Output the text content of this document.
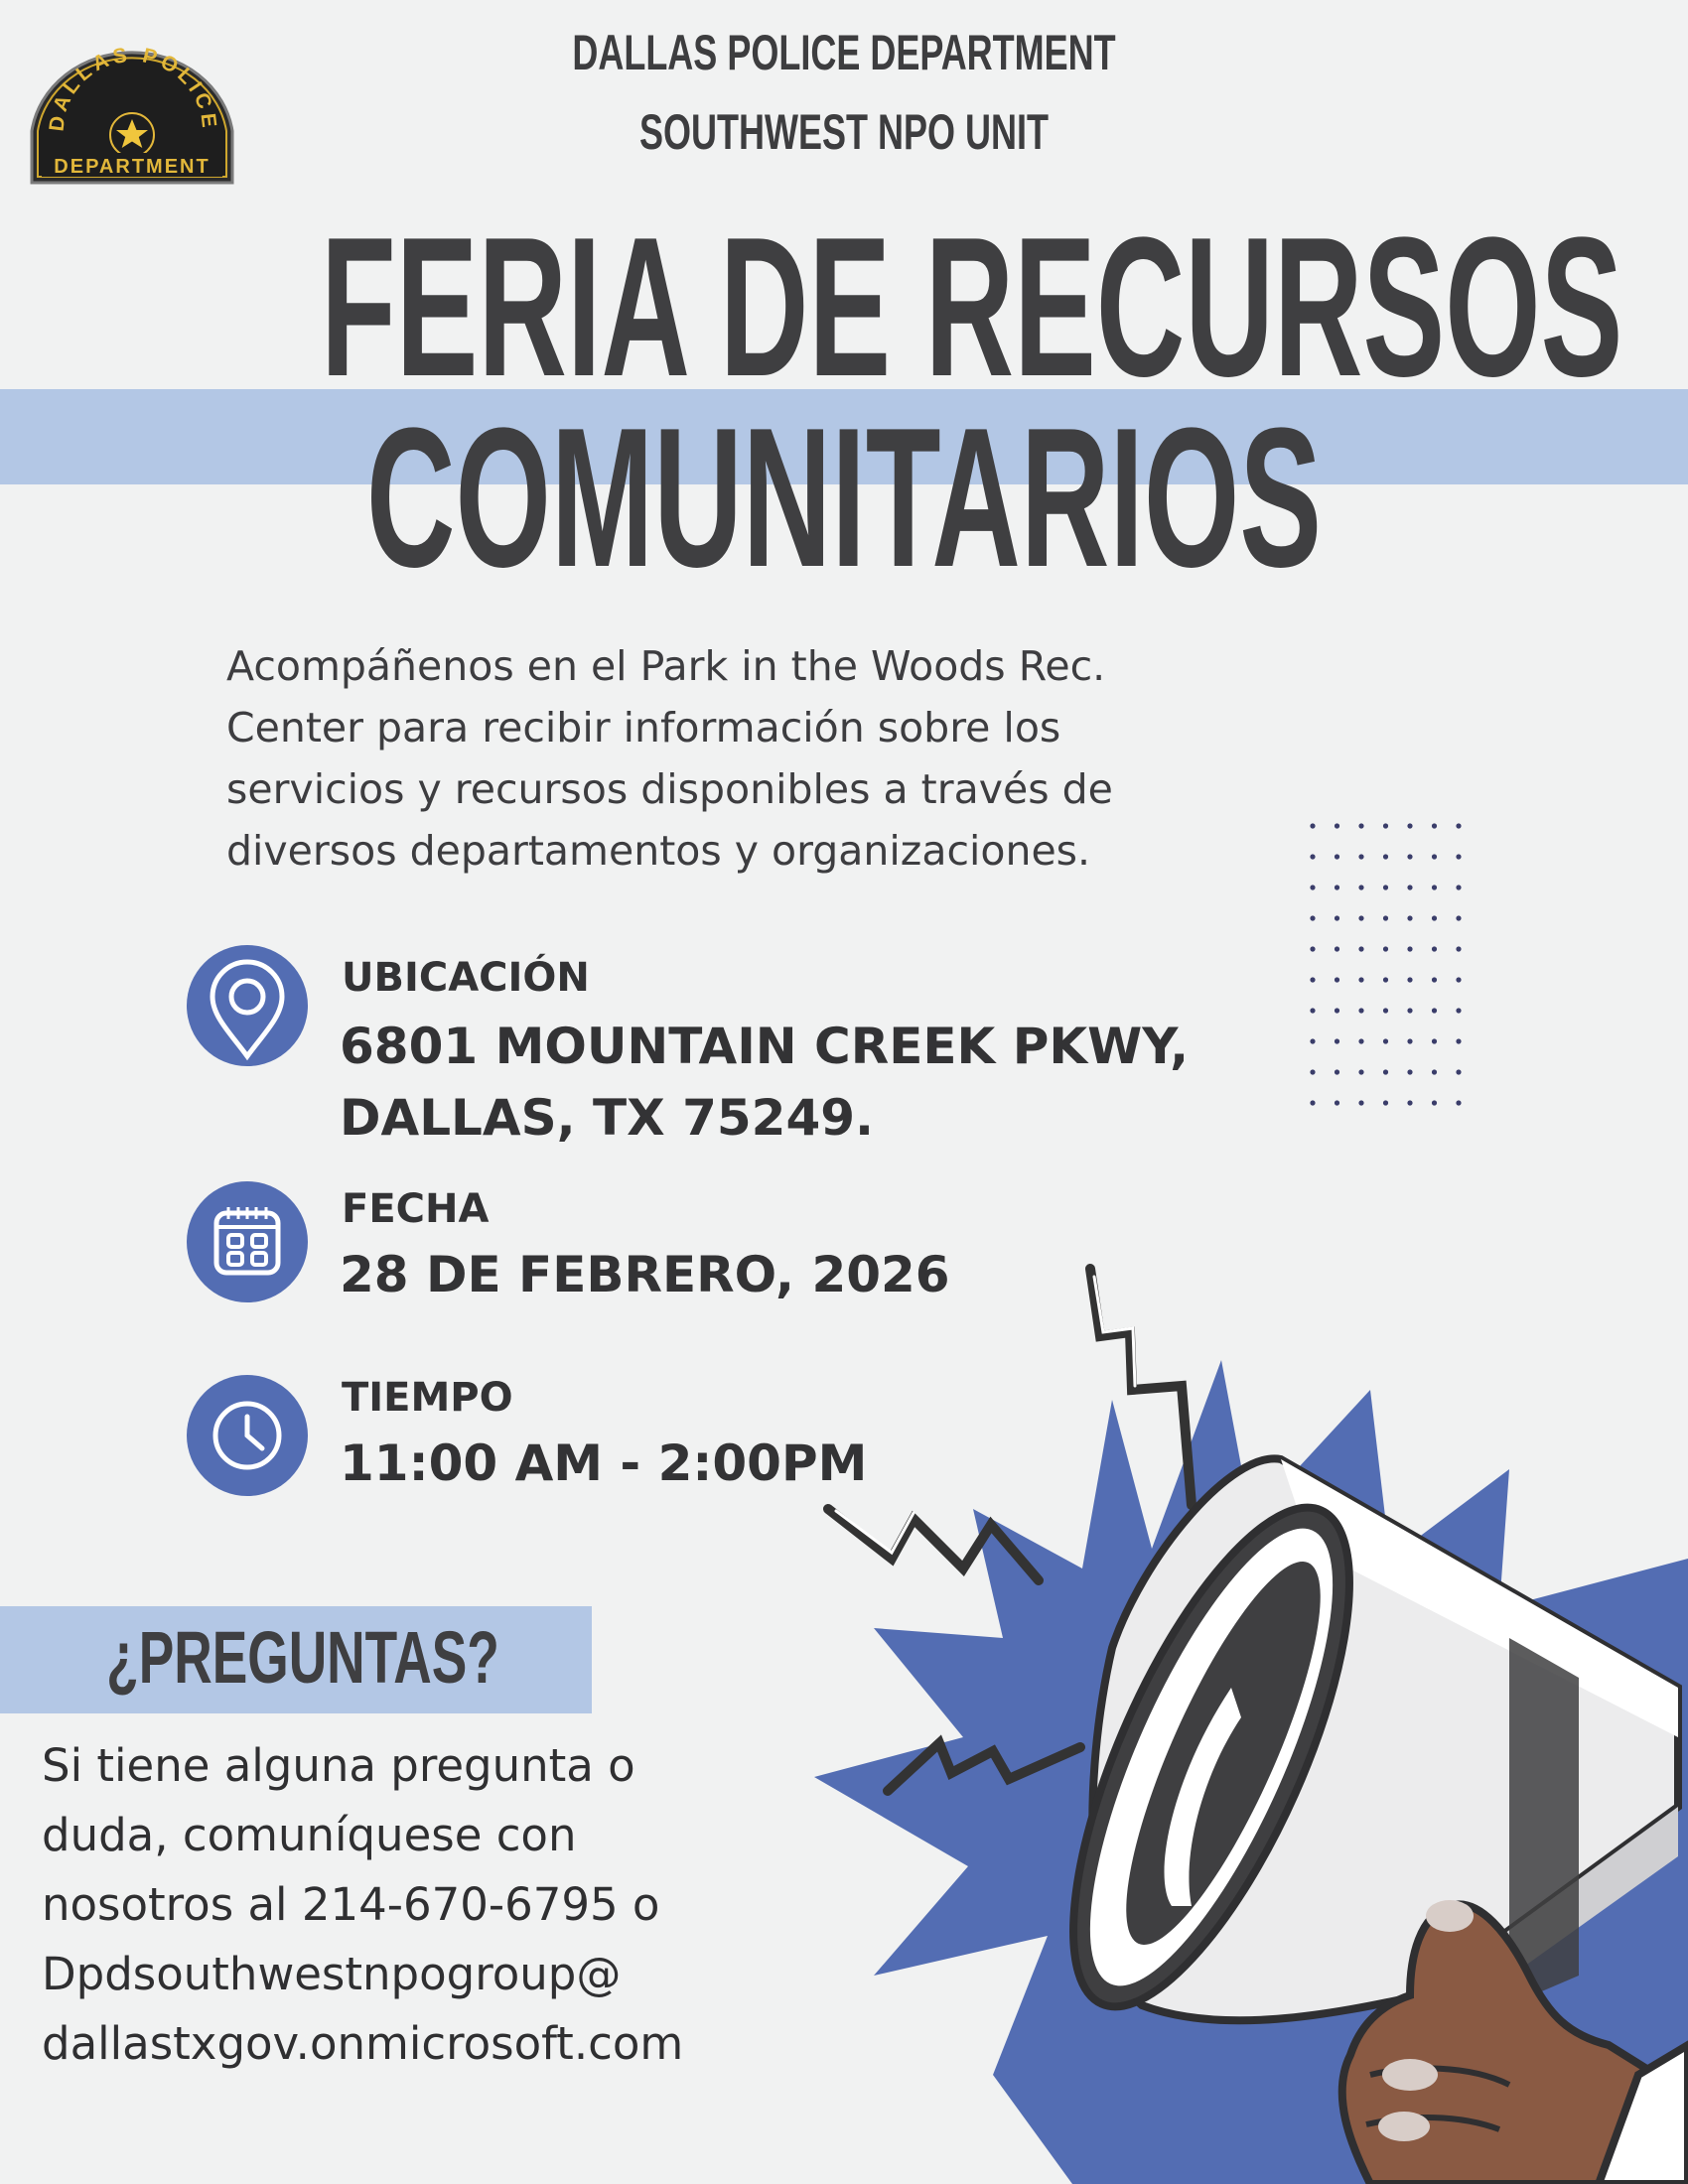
DALLAS POLICE
DEPARTMENT
DALLAS POLICE DEPARTMENT
SOUTHWEST NPO UNIT
FERIA DE RECURSOS
COMUNITARIOS
Acompáñenos en el Park in the Woods Rec.
Center para recibir información sobre los
servicios y recursos disponibles a través de
diversos departamentos y organizaciones.
UBICACIÓN
6801 MOUNTAIN CREEK PKWY,
DALLAS, TX 75249.
FECHA
28 DE FEBRERO, 2026
TIEMPO
11:00 AM - 2:00PM
¿PREGUNTAS?
Si tiene alguna pregunta o
duda, comuníquese con
nosotros al 214-670-6795 o
Dpdsouthwestnpogroup@
dallastxgov.onmicrosoft.com
